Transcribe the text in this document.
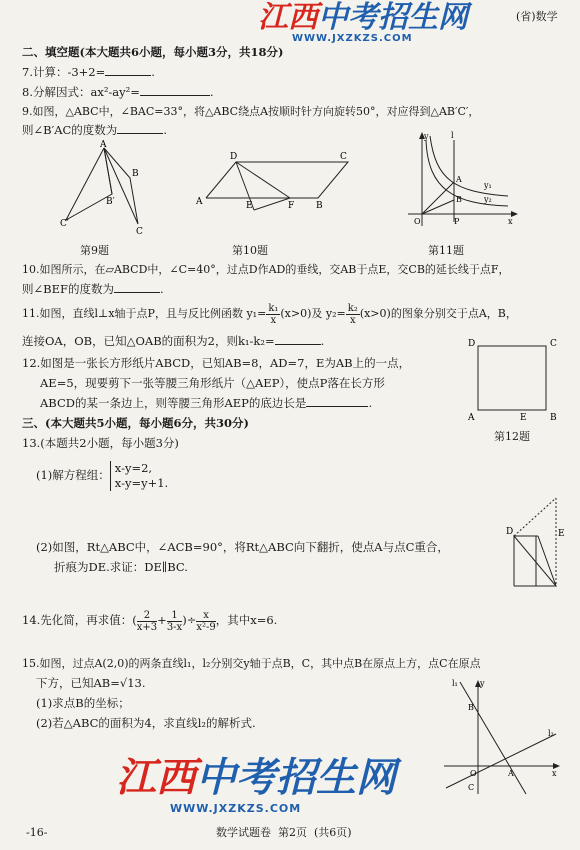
江西中考招生网
WWW.JXZKZS.COM
(省)数学
二、填空题(本大题共6小题，每小题3分，共18分)
7.计算：-3+2=	.
8.分解因式：ax²-ay²=	.
9.如图，△ABC中，∠BAC=33°，将△ABC绕点A按顺时针方向旋转50°，对应得到△AB′C′，
则∠B′AC的度数为	.
A
B
B′
C′
C
第9题
D	C
A	E	F B
第10题
y	l
A
B
y₁
y₂
O	P	x
第11题
10.如图所示，在▱ABCD中，∠C=40°，过点D作AD的垂线，交AB于点E，交CB的延长线于点F，
则∠BEF的度数为	.
11.如图，直线l⊥x轴于点P，且与反比例函数 $y_1= \frac{\text{k₁}}{x} (x>0)$及 $y_2= \frac{\text{k₂}}{x} (x>0)$的图象分别交于点A，B，
连接OA，OB，已知△OAB的面积为2，则k₁-k₂=	.
12.如图是一张长方形纸片ABCD，已知AB=8，AD=7，E为AB上的一点，
AE=5，现要剪下一张等腰三角形纸片（△AEP），使点P落在长方形
ABCD的某一条边上，则等腰三角形AEP的底边长是	.
D	C
A	E	B
第12题
三、(本大题共5小题，每小题6分，共30分)
13.(本题共2小题，每小题3分)
(1)解方程组： x-y=2,
x-y=y+1.
(2)如图，Rt△ABC中，∠ACB=90°，将Rt△ABC向下翻折，使点A与点C重合，
折痕为DE.求证：DE∥BC.
D	E
14.先化简，再求值：( $\frac{2}{x+3} + \frac{1}{3-x}$ )÷ $\frac{x}{\text{x²-9}}$ ，其中x=6.
15.如图，过点A(2,0)的两条直线l₁，l₂分别交y轴于点B，C，其中点B在原点上方，点C在原点
下方，已知AB=√13.
(1)求点B的坐标；
(2)若△ABC的面积为4，求直线l₂的解析式.
l₁	y
l₂
B
O	A
C
x
江西中考招生网
WWW.JXZKZS.COM
-16-	数学试题卷  第2页  (共6页)
